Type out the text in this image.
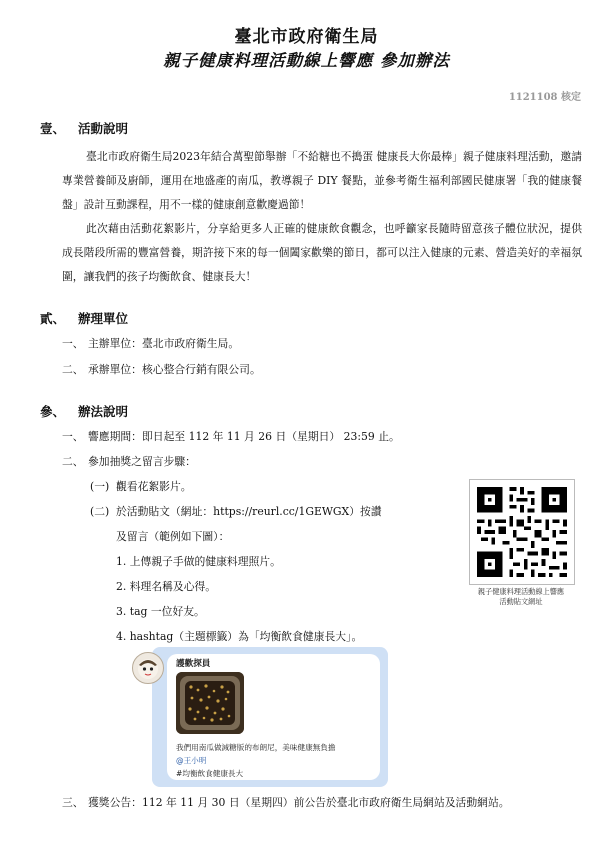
臺北市政府衛生局
親子健康料理活動線上響應 參加辦法
1121108 核定
壹、 活動說明
臺北市政府衛生局2023年結合萬聖節舉辦「不給糖也不搗蛋 健康長大你最棒」親子健康料理活動，邀請專業營養師及廚師，運用在地盛產的南瓜，教導親子 DIY 餐點，並參考衛生福利部國民健康署「我的健康餐盤」設計互動課程，用不一樣的健康創意歡慶過節！
此次藉由活動花絮影片，分享給更多人正確的健康飲食觀念，也呼籲家長隨時留意孩子體位狀況，提供成長階段所需的豐富營養，期許接下來的每一個闔家歡樂的節日，都可以注入健康的元素、營造美好的幸福氛圍，讓我們的孩子均衡飲食、健康長大！
貳、 辦理單位
一、 主辦單位：臺北市政府衛生局。
二、 承辦單位：核心整合行銷有限公司。
參、 辦法說明
一、 響應期間：即日起至 112 年 11 月 26 日（星期日） 23:59 止。
二、 參加抽獎之留言步驟：
(一) 觀看花絮影片。
(二) 於活動貼文（網址：https://reurl.cc/1GEWGX）按讚
及留言（範例如下圖）：
1. 上傳親子手做的健康料理照片。
2. 料理名稱及心得。
3. tag 一位好友。
4. hashtag（主題標籤）為「均衡飲食健康長大」。
親子健康料理活動線上響應
活動貼文網址
護歡探員
我們用南瓜做減糖版的布朗尼，美味健康無負擔
@王小明
#均衡飲食健康長大
三、 獲獎公告：112 年 11 月 30 日（星期四）前公告於臺北市政府衛生局網站及活動網站。
